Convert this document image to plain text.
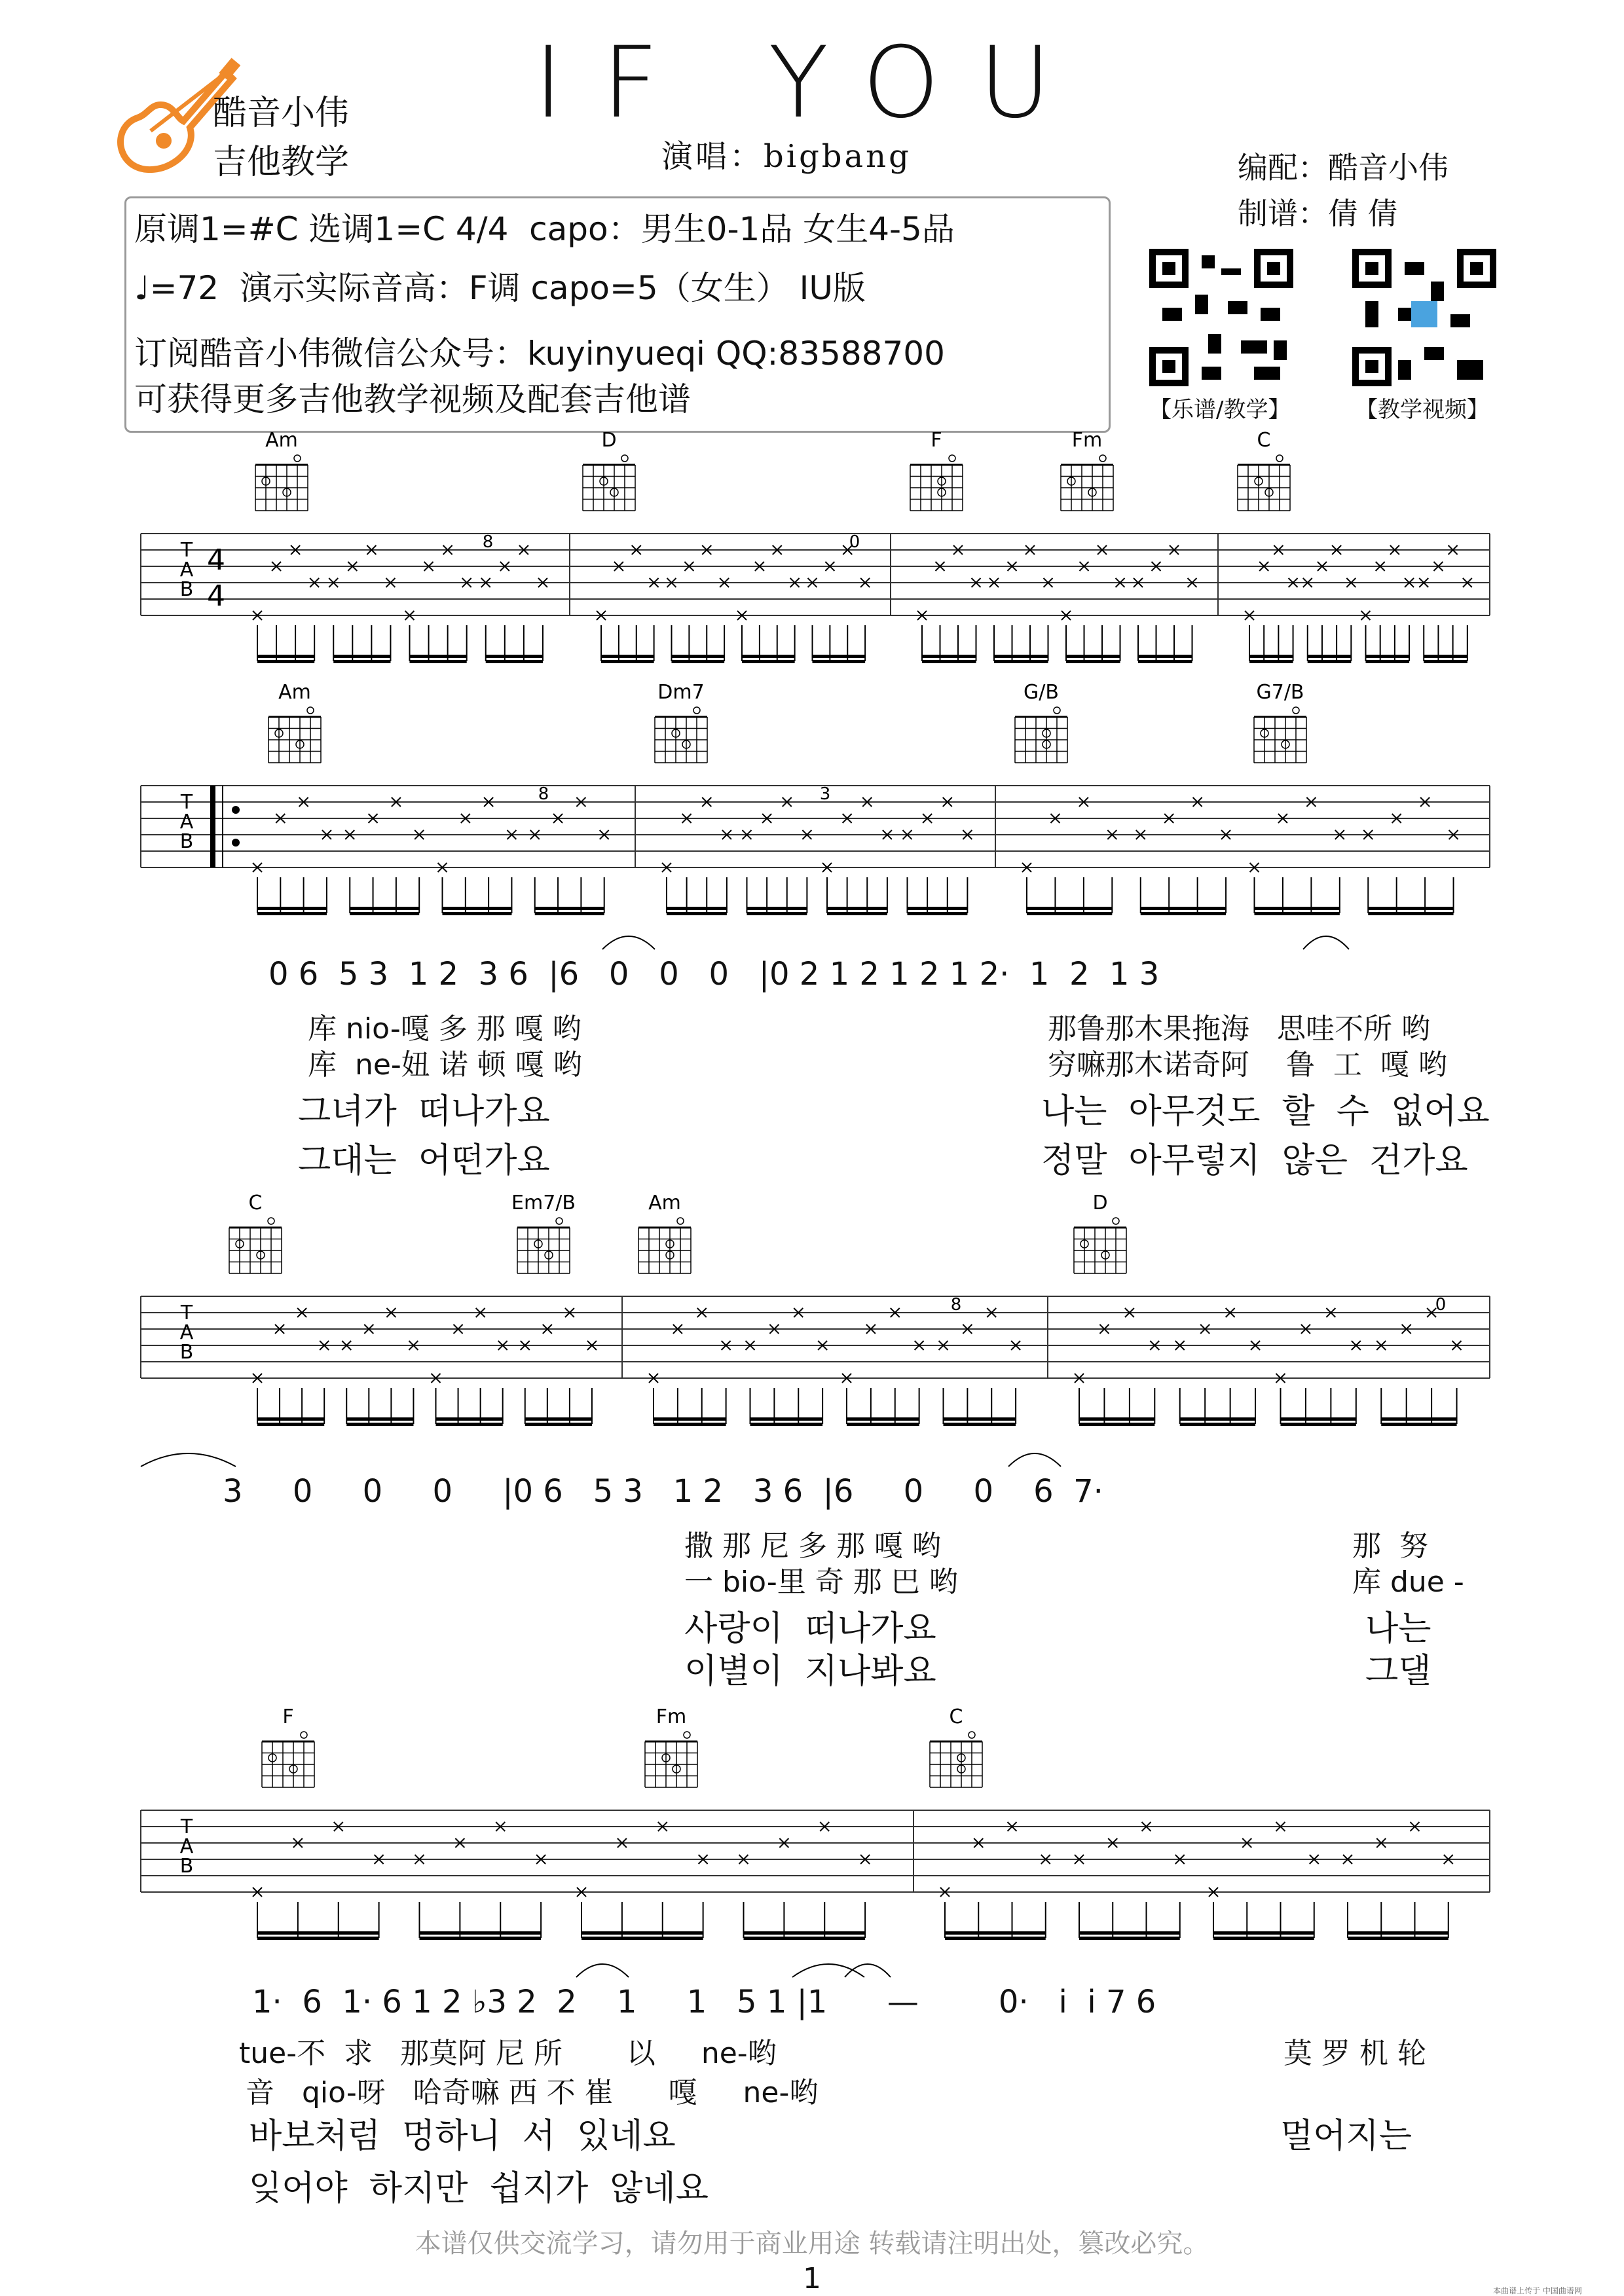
IF YOU
酷音小伟
吉他教学	演唱：bigbang	编配：酷音小伟
制谱：倩 倩
原调1=#C 选调1=C 4/4  capo：男生0-1品 女生4-5品
♩=72  演示实际音高：F调 capo=5（女生） IU版
订阅酷音小伟微信公众号：kuyinyueqi QQ:83588700
可获得更多吉他教学视频及配套吉他谱	【乐谱/教学】	【教学视频】
T
A
B
4
4
8	0
Am	D	F	Fm	C
T
A
B
8	3
Am	Dm7	G/B	G7/B
T
A
B
8	0
C	Em7/B	Am	D
T
A
B
F	Fm	C
0 6  5 3  1 2  3 6  |6   0   0   0   |0 2 1 2 1 2 1 2·  1  2  1 3
库 nio-嘎 多 那 嘎 哟
库  ne-妞 诺 顿 嘎 哟
那鲁那木果拖海   思哇不所 哟
穷嘛那木诺奇阿    鲁  工  嘎 哟
그녀가  떠나가요
그대는  어떤가요
나는  아무것도  할  수  없어요
정말  아무렇지  않은  건가요
3     0     0     0     |0 6   5 3   1 2   3 6  |6     0     0    6  7·
撒 那 尼 多 那 嘎 哟
一 bio-里 奇 那 巴 哟
那  努
库 due -
사랑이  떠나가요
이별이  지나봐요
나는
그댈
1·  6  1· 6 1 2 ♭3 2  2    1     1   5 1 |1      —        0·   i  i 7 6
tue-不  求   那莫阿 尼 所       以     ne-哟
音   qio-呀   哈奇嘛 西 不 崔      嘎     ne-哟
莫 罗 机 轮
바보처럼  멍하니  서  있네요
잊어야  하지만  쉽지가  않네요
멀어지는
本谱仅供交流学习，请勿用于商业用途 转载请注明出处，篡改必究。
1	本曲谱上传于 中国曲谱网
